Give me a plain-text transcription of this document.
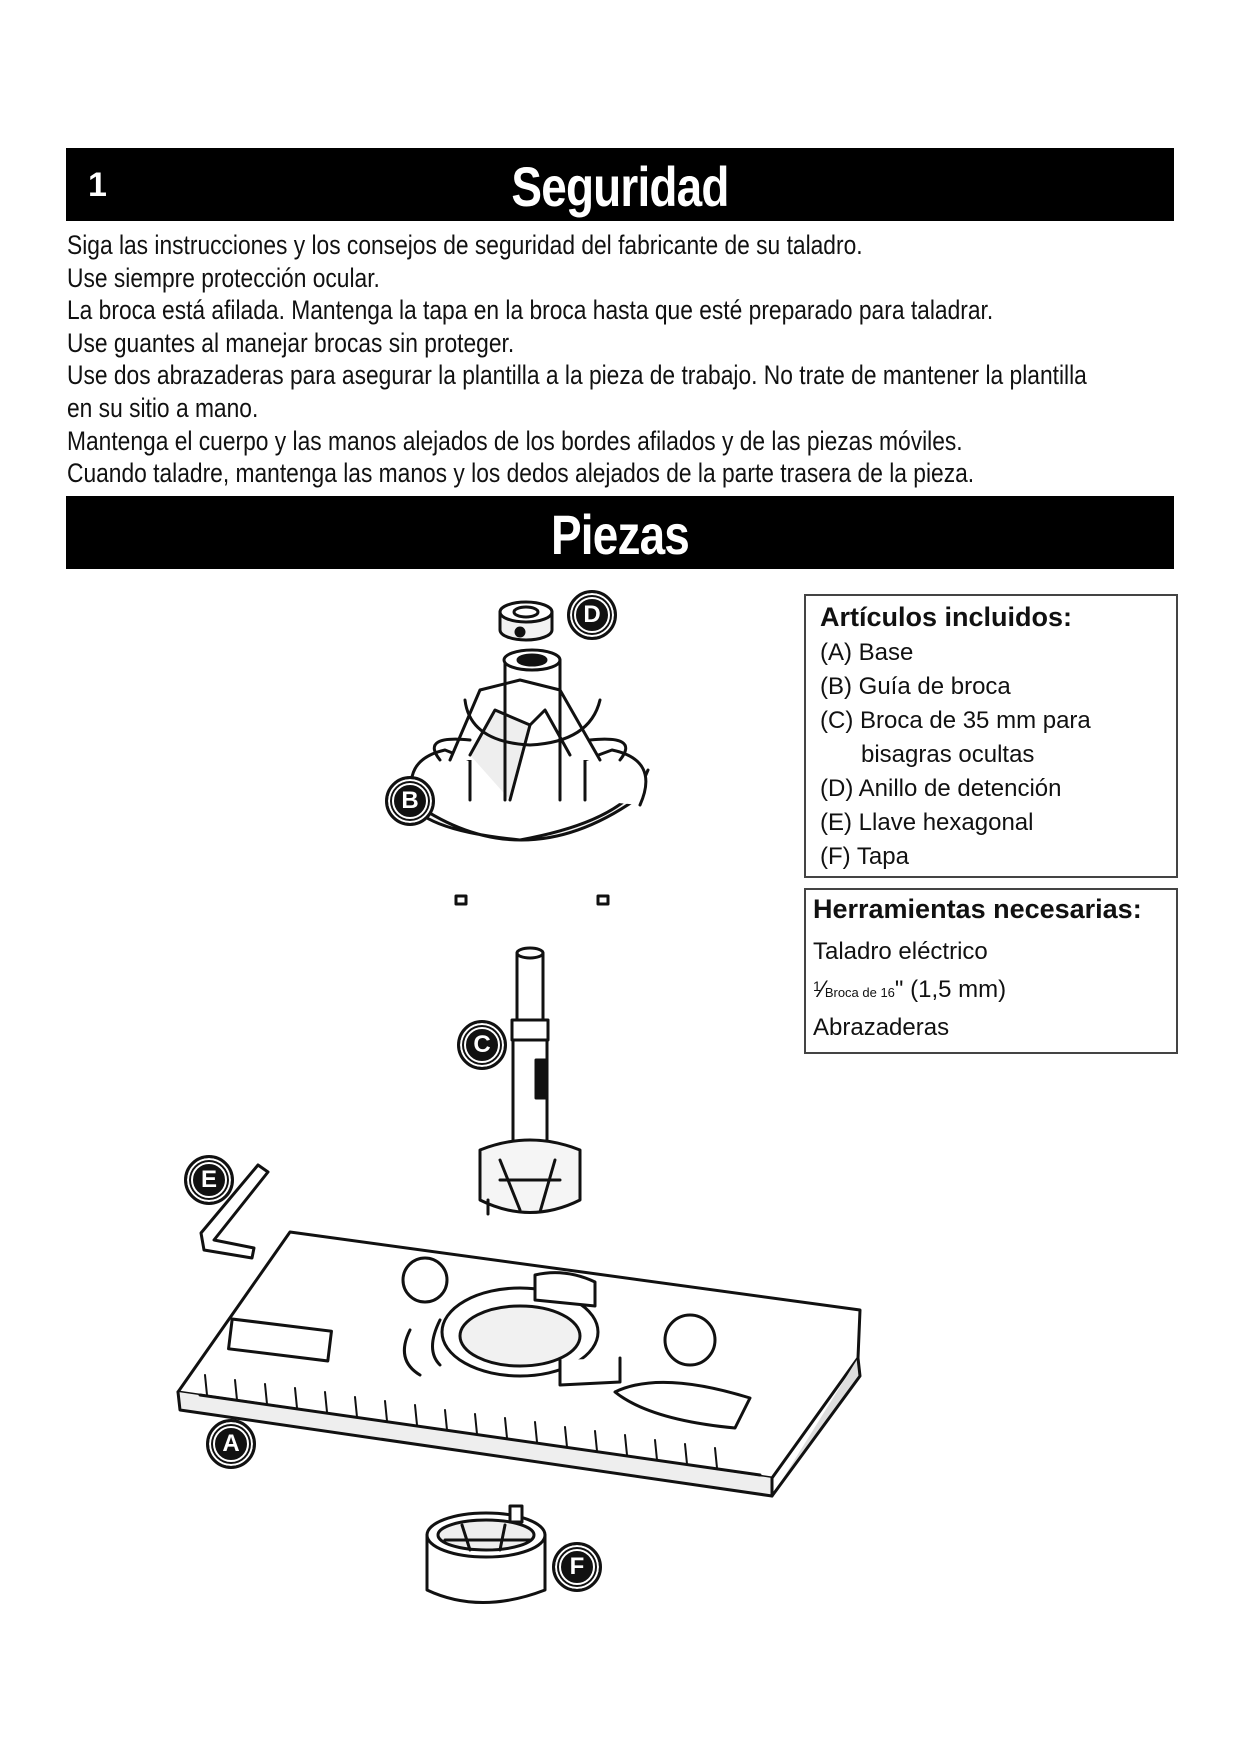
1	Seguridad

Siga las instrucciones y los consejos de seguridad del fabricante de su taladro.

Use siempre protección ocular.

La broca está afilada. Mantenga la tapa en la broca hasta que esté preparado para taladrar.

Use guantes al manejar brocas sin proteger.

Use dos abrazaderas para asegurar la plantilla a la pieza de trabajo. No trate de mantener la plantilla

en su sitio a mano.

Mantenga el cuerpo y las manos alejados de los bordes afilados y de las piezas móviles.

Cuando taladre, mantenga las manos y los dedos alejados de la parte trasera de la pieza.

Piezas
Artículos incluidos:
(A) Base
(B) Guía de broca
(C) Broca de 35 mm para
bisagras ocultas
(D) Anillo de detención
(E) Llave hexagonal
(F) Tapa
Herramientas necesarias:
Taladro eléctrico
$^1$⁄Broca de 16" (1,5 mm)
Abrazaderas
D
B
C
E
A
F
